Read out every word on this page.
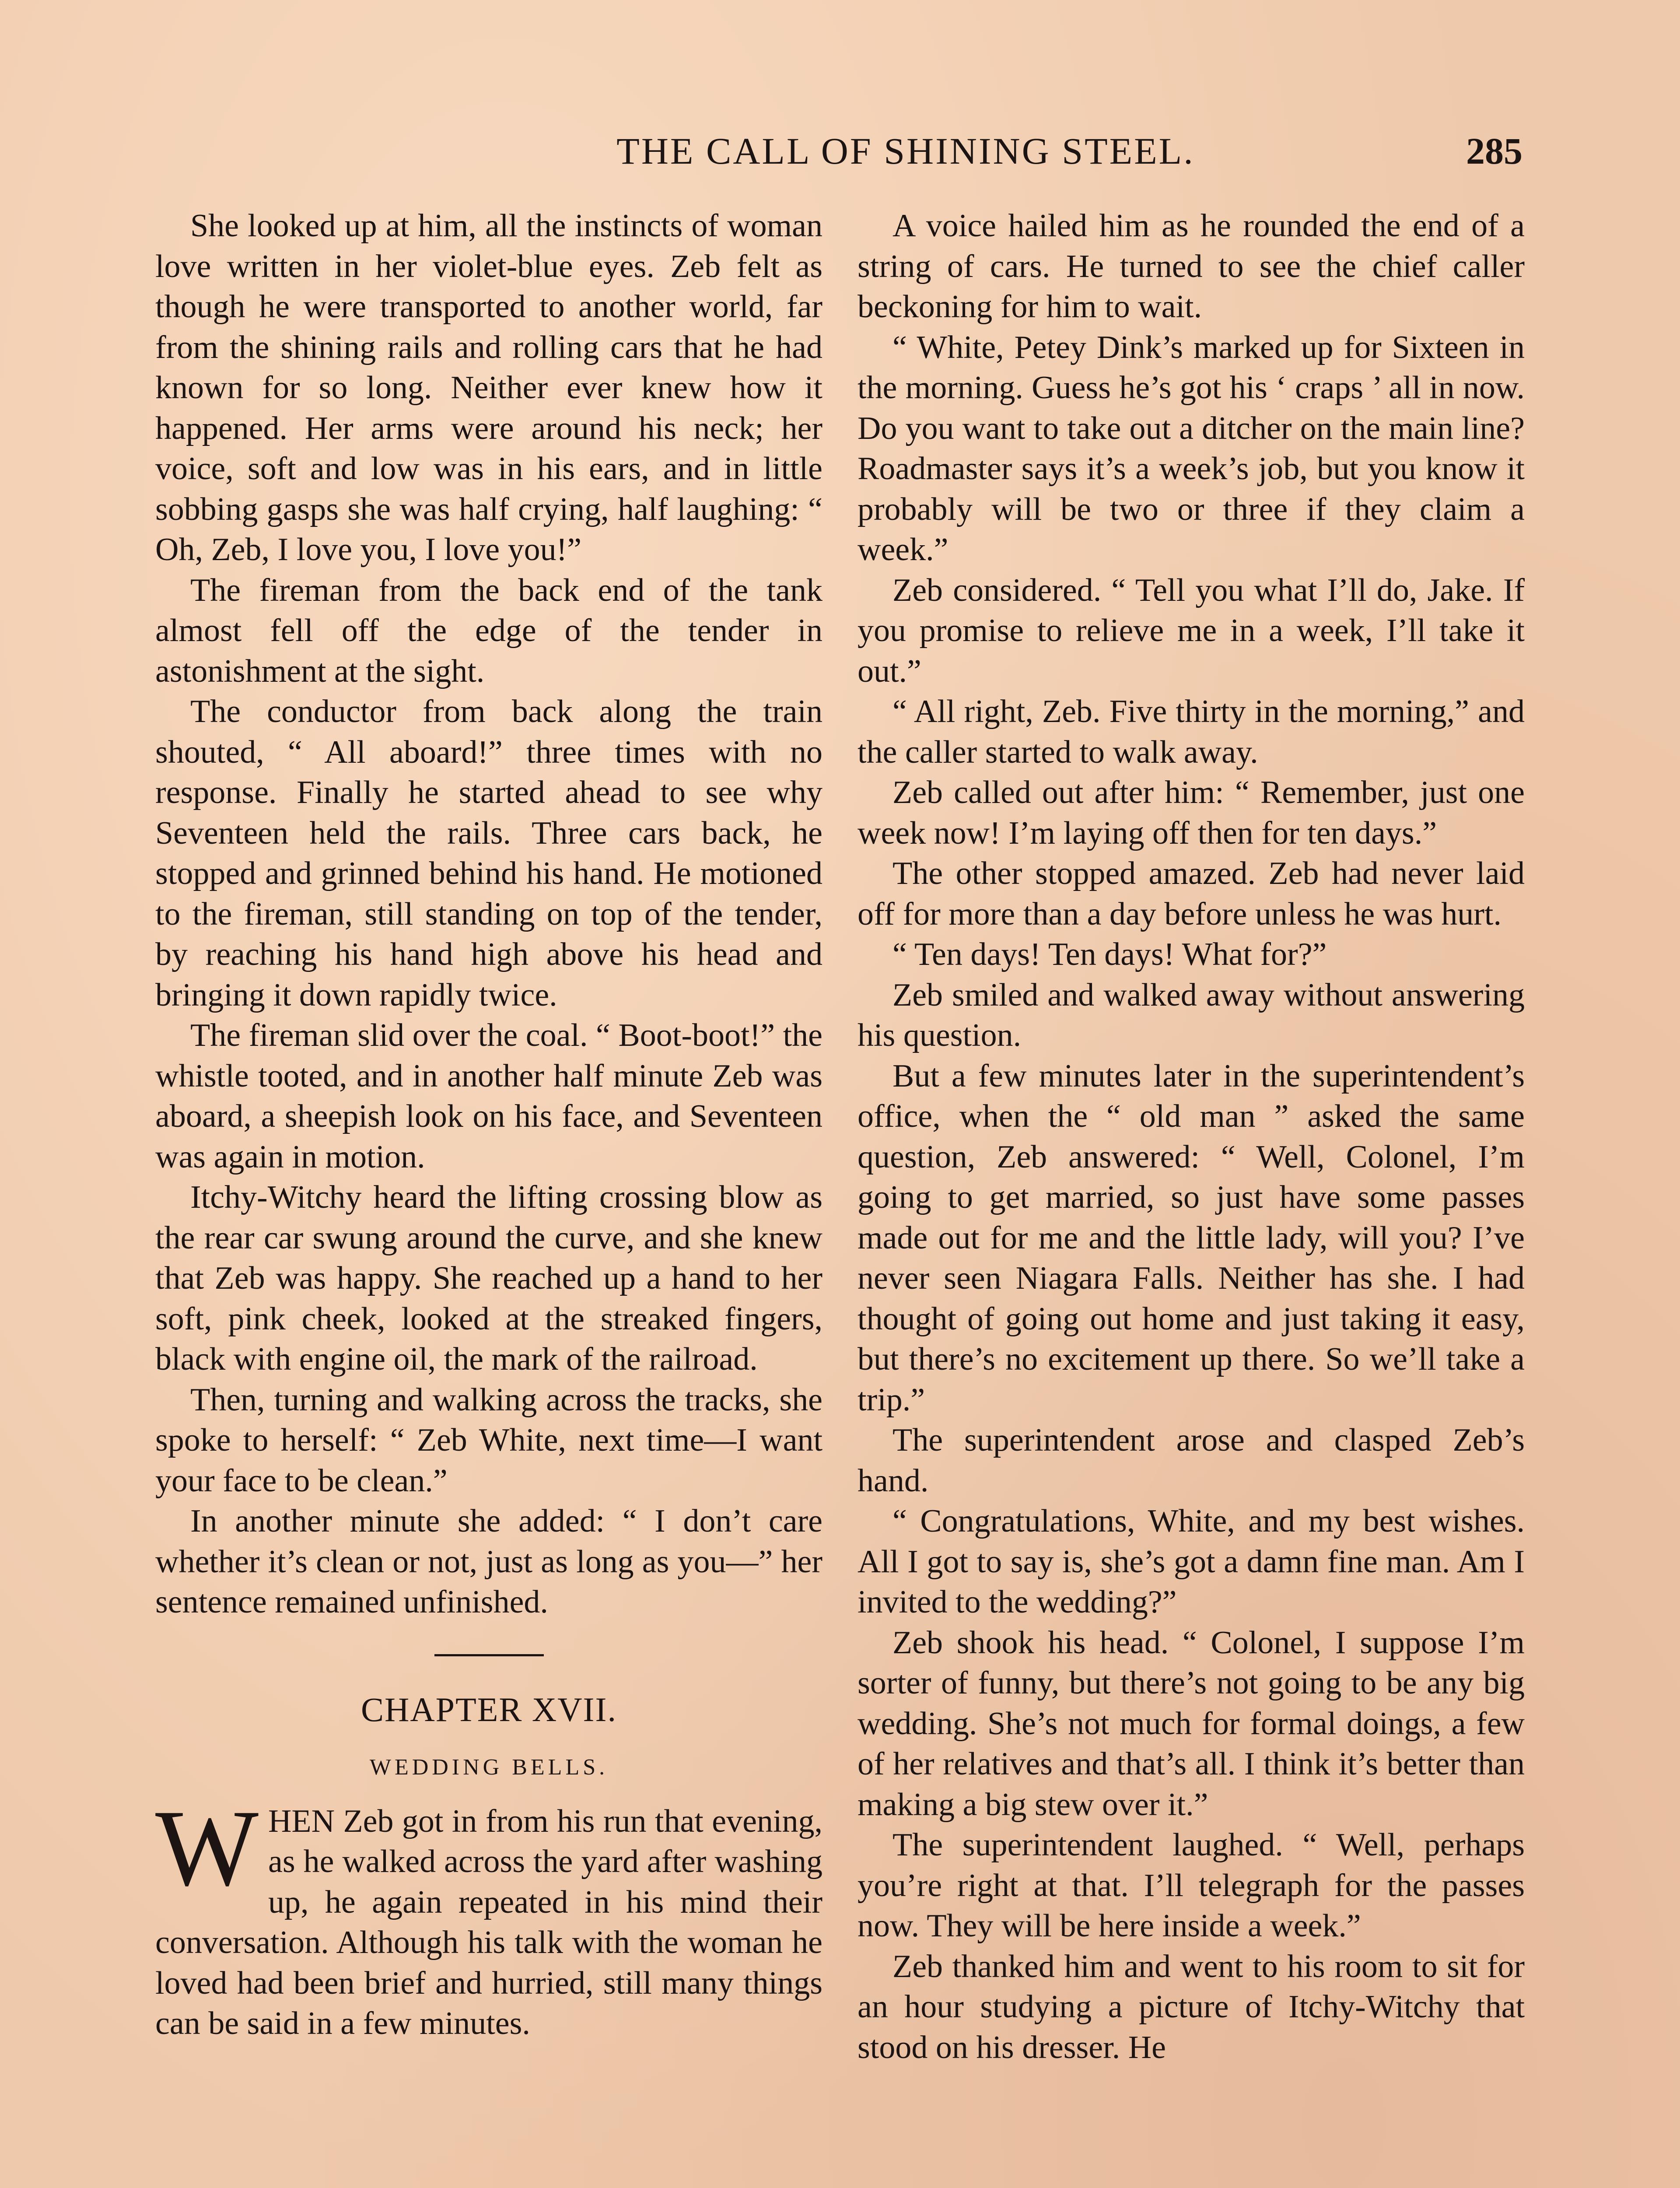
THE CALL OF SHINING STEEL.	285

She looked up at him, all the instincts of woman love written in her violet-blue eyes. Zeb felt as though he were transported to another world, far from the shining rails and rolling cars that he had known for so long. Neither ever knew how it happened. Her arms were around his neck; her voice, soft and low was in his ears, and in little sobbing gasps she was half crying, half laughing: “ Oh, Zeb, I love you, I love you!”

The fireman from the back end of the tank almost fell off the edge of the tender in astonishment at the sight.

The conductor from back along the train shouted, “ All aboard!” three times with no response. Finally he started ahead to see why Seventeen held the rails. Three cars back, he stopped and grinned behind his hand. He motioned to the fireman, still standing on top of the tender, by reaching his hand high above his head and bringing it down rapidly twice.

The fireman slid over the coal. “ Boot-boot!” the whistle tooted, and in another half minute Zeb was aboard, a sheepish look on his face, and Seventeen was again in motion.

Itchy-Witchy heard the lifting crossing blow as the rear car swung around the curve, and she knew that Zeb was happy. She reached up a hand to her soft, pink cheek, looked at the streaked fingers, black with engine oil, the mark of the railroad.

Then, turning and walking across the tracks, she spoke to herself: “ Zeb White, next time—I want your face to be clean.”

In another minute she added: “ I don’t care whether it’s clean or not, just as long as you—” her sentence remained unfinished.

CHAPTER XVII.

WEDDING BELLS.

WHEN Zeb got in from his run that evening, as he walked across the yard after washing up, he again repeated in his mind their conversation. Although his talk with the woman he loved had been brief and hurried, still many things can be said in a few minutes.

A voice hailed him as he rounded the end of a string of cars. He turned to see the chief caller beckoning for him to wait.

“ White, Petey Dink’s marked up for Sixteen in the morning. Guess he’s got his ‘ craps ’ all in now. Do you want to take out a ditcher on the main line? Roadmaster says it’s a week’s job, but you know it probably will be two or three if they claim a week.”

Zeb considered. “ Tell you what I’ll do, Jake. If you promise to relieve me in a week, I’ll take it out.”

“ All right, Zeb. Five thirty in the morning,” and the caller started to walk away.

Zeb called out after him: “ Remember, just one week now! I’m laying off then for ten days.”

The other stopped amazed. Zeb had never laid off for more than a day before unless he was hurt.

“ Ten days! Ten days! What for?”

Zeb smiled and walked away without answering his question.

But a few minutes later in the superintendent’s office, when the “ old man ” asked the same question, Zeb answered: “ Well, Colonel, I’m going to get married, so just have some passes made out for me and the little lady, will you? I’ve never seen Niagara Falls. Neither has she. I had thought of going out home and just taking it easy, but there’s no excitement up there. So we’ll take a trip.”

The superintendent arose and clasped Zeb’s hand.

“ Congratulations, White, and my best wishes. All I got to say is, she’s got a damn fine man. Am I invited to the wedding?”

Zeb shook his head. “ Colonel, I suppose I’m sorter of funny, but there’s not going to be any big wedding. She’s not much for formal doings, a few of her relatives and that’s all. I think it’s better than making a big stew over it.”

The superintendent laughed. “ Well, perhaps you’re right at that. I’ll telegraph for the passes now. They will be here inside a week.”

Zeb thanked him and went to his room to sit for an hour studying a picture of Itchy-Witchy that stood on his dresser. He
